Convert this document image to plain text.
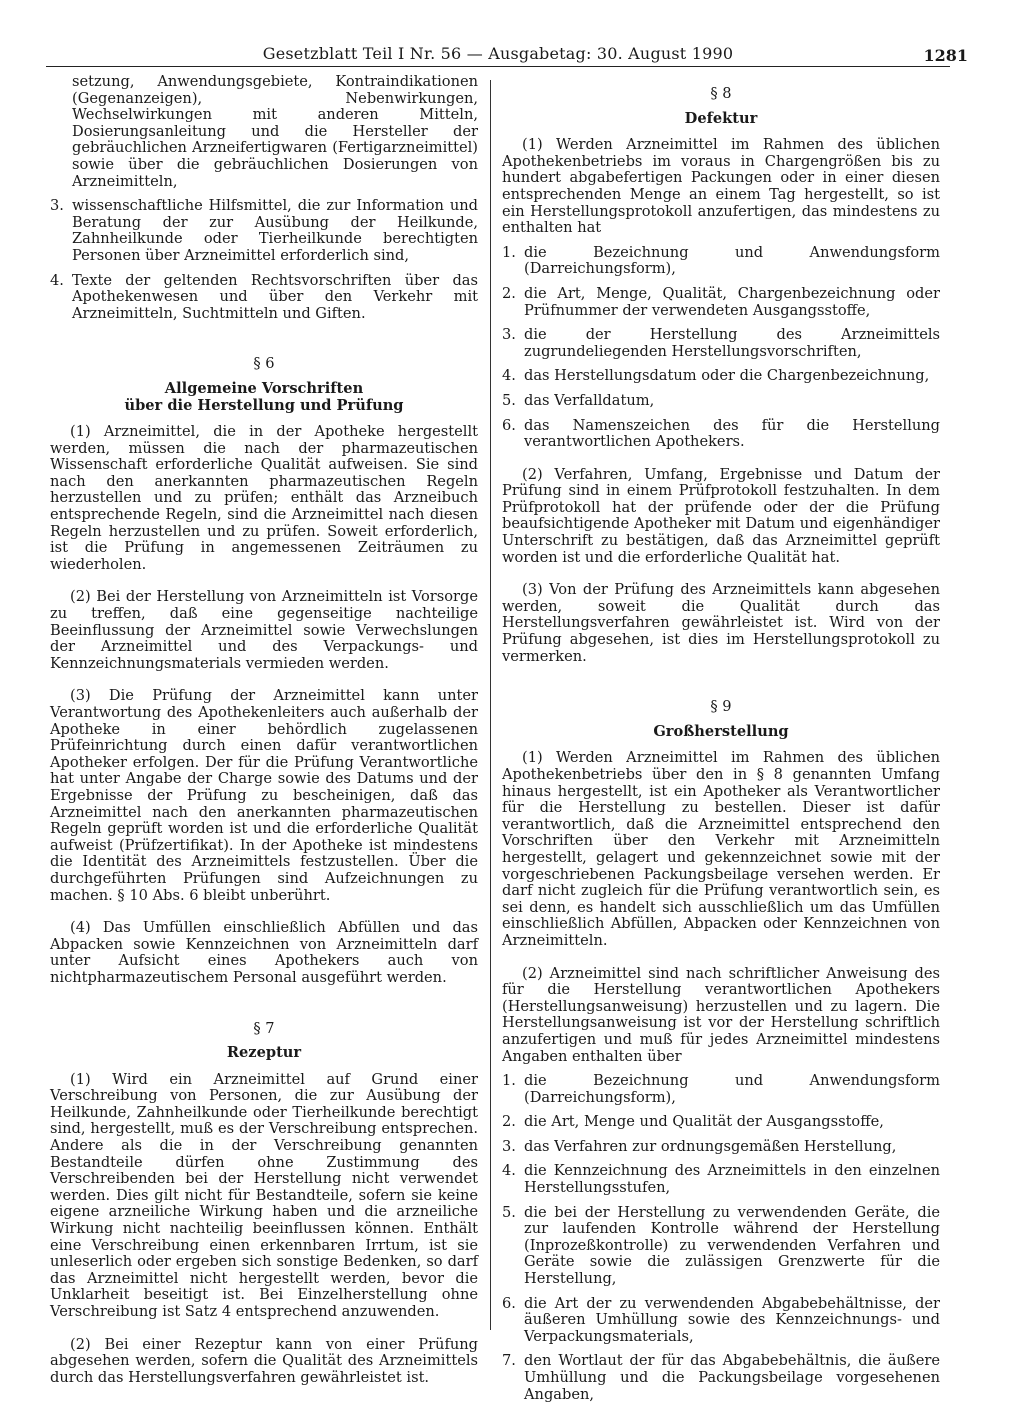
Gesetzblatt Teil I Nr. 56 — Ausgabetag: 30. August 1990	1281
setzung, Anwendungsgebiete, Kontraindikationen (Gegenanzeigen), Nebenwirkungen, Wechselwirkungen mit anderen Mitteln, Dosierungsanleitung und die Hersteller der gebräuchlichen Arzneifertigwaren (Fertigarzneimittel) sowie über die gebräuchlichen Dosierungen von Arzneimitteln,
3. wissenschaftliche Hilfsmittel, die zur Information und Beratung der zur Ausübung der Heilkunde, Zahnheilkunde oder Tierheilkunde berechtigten Personen über Arzneimittel erforderlich sind,
4. Texte der geltenden Rechtsvorschriften über das Apothekenwesen und über den Verkehr mit Arzneimitteln, Suchtmitteln und Giften.
§ 6
Allgemeine Vorschriften
über die Herstellung und Prüfung

(1) Arzneimittel, die in der Apotheke hergestellt werden, müssen die nach der pharmazeutischen Wissenschaft erforderliche Qualität aufweisen. Sie sind nach den anerkannten pharmazeutischen Regeln herzustellen und zu prüfen; enthält das Arzneibuch entsprechende Regeln, sind die Arzneimittel nach diesen Regeln herzustellen und zu prüfen. Soweit erforderlich, ist die Prüfung in angemessenen Zeiträumen zu wiederholen.

(2) Bei der Herstellung von Arzneimitteln ist Vorsorge zu treffen, daß eine gegenseitige nachteilige Beeinflussung der Arzneimittel sowie Verwechslungen der Arzneimittel und des Verpackungs- und Kennzeichnungsmaterials vermieden werden.

(3) Die Prüfung der Arzneimittel kann unter Verantwortung des Apothekenleiters auch außerhalb der Apotheke in einer behördlich zugelassenen Prüfeinrichtung durch einen dafür verantwortlichen Apotheker erfolgen. Der für die Prüfung Verantwortliche hat unter Angabe der Charge sowie des Datums und der Ergebnisse der Prüfung zu bescheinigen, daß das Arzneimittel nach den anerkannten pharmazeutischen Regeln geprüft worden ist und die erforderliche Qualität aufweist (Prüfzertifikat). In der Apotheke ist mindestens die Identität des Arzneimittels festzustellen. Über die durchgeführten Prüfungen sind Aufzeichnungen zu machen. § 10 Abs. 6 bleibt unberührt.

(4) Das Umfüllen einschließlich Abfüllen und das Abpacken sowie Kennzeichnen von Arzneimitteln darf unter Aufsicht eines Apothekers auch von nichtpharmazeutischem Personal ausgeführt werden.

§ 7
Rezeptur

(1) Wird ein Arzneimittel auf Grund einer Verschreibung von Personen, die zur Ausübung der Heilkunde, Zahnheilkunde oder Tierheilkunde berechtigt sind, hergestellt, muß es der Verschreibung entsprechen. Andere als die in der Verschreibung genannten Bestandteile dürfen ohne Zustimmung des Verschreibenden bei der Herstellung nicht verwendet werden. Dies gilt nicht für Bestandteile, sofern sie keine eigene arzneiliche Wirkung haben und die arzneiliche Wirkung nicht nachteilig beeinflussen können. Enthält eine Verschreibung einen erkennbaren Irrtum, ist sie unleserlich oder ergeben sich sonstige Bedenken, so darf das Arzneimittel nicht hergestellt werden, bevor die Unklarheit beseitigt ist. Bei Einzelherstellung ohne Verschreibung ist Satz 4 entsprechend anzuwenden.

(2) Bei einer Rezeptur kann von einer Prüfung abgesehen werden, sofern die Qualität des Arzneimittels durch das Herstellungsverfahren gewährleistet ist.

§ 8
Defektur

(1) Werden Arzneimittel im Rahmen des üblichen Apothekenbetriebs im voraus in Chargengrößen bis zu hundert abgabefertigen Packungen oder in einer diesen entsprechenden Menge an einem Tag hergestellt, so ist ein Herstellungsprotokoll anzufertigen, das mindestens zu enthalten hat

1. die Bezeichnung und Anwendungsform (Darreichungsform),
2. die Art, Menge, Qualität, Chargenbezeichnung oder Prüfnummer der verwendeten Ausgangsstoffe,
3. die der Herstellung des Arzneimittels zugrundeliegenden Herstellungsvorschriften,
4. das Herstellungsdatum oder die Chargenbezeichnung,
5. das Verfalldatum,
6. das Namenszeichen des für die Herstellung verantwortlichen Apothekers.

(2) Verfahren, Umfang, Ergebnisse und Datum der Prüfung sind in einem Prüfprotokoll festzuhalten. In dem Prüfprotokoll hat der prüfende oder der die Prüfung beaufsichtigende Apotheker mit Datum und eigenhändiger Unterschrift zu bestätigen, daß das Arzneimittel geprüft worden ist und die erforderliche Qualität hat.

(3) Von der Prüfung des Arzneimittels kann abgesehen werden, soweit die Qualität durch das Herstellungsverfahren gewährleistet ist. Wird von der Prüfung abgesehen, ist dies im Herstellungsprotokoll zu vermerken.

§ 9
Großherstellung

(1) Werden Arzneimittel im Rahmen des üblichen Apothekenbetriebs über den in § 8 genannten Umfang hinaus hergestellt, ist ein Apotheker als Verantwortlicher für die Herstellung zu bestellen. Dieser ist dafür verantwortlich, daß die Arzneimittel entsprechend den Vorschriften über den Verkehr mit Arzneimitteln hergestellt, gelagert und gekennzeichnet sowie mit der vorgeschriebenen Packungsbeilage versehen werden. Er darf nicht zugleich für die Prüfung verantwortlich sein, es sei denn, es handelt sich ausschließlich um das Umfüllen einschließlich Abfüllen, Abpacken oder Kennzeichnen von Arzneimitteln.

(2) Arzneimittel sind nach schriftlicher Anweisung des für die Herstellung verantwortlichen Apothekers (Herstellungsanweisung) herzustellen und zu lagern. Die Herstellungsanweisung ist vor der Herstellung schriftlich anzufertigen und muß für jedes Arzneimittel mindestens Angaben enthalten über

1. die Bezeichnung und Anwendungsform (Darreichungsform),
2. die Art, Menge und Qualität der Ausgangsstoffe,
3. das Verfahren zur ordnungsgemäßen Herstellung,
4. die Kennzeichnung des Arzneimittels in den einzelnen Herstellungsstufen,
5. die bei der Herstellung zu verwendenden Geräte, die zur laufenden Kontrolle während der Herstellung (Inprozeßkontrolle) zu verwendenden Verfahren und Geräte sowie die zulässigen Grenzwerte für die Herstellung,
6. die Art der zu verwendenden Abgabebehältnisse, der äußeren Umhüllung sowie des Kennzeichnungs- und Verpackungsmaterials,
7. den Wortlaut der für das Abgabebehältnis, die äußere Umhüllung und die Packungsbeilage vorgesehenen Angaben,
